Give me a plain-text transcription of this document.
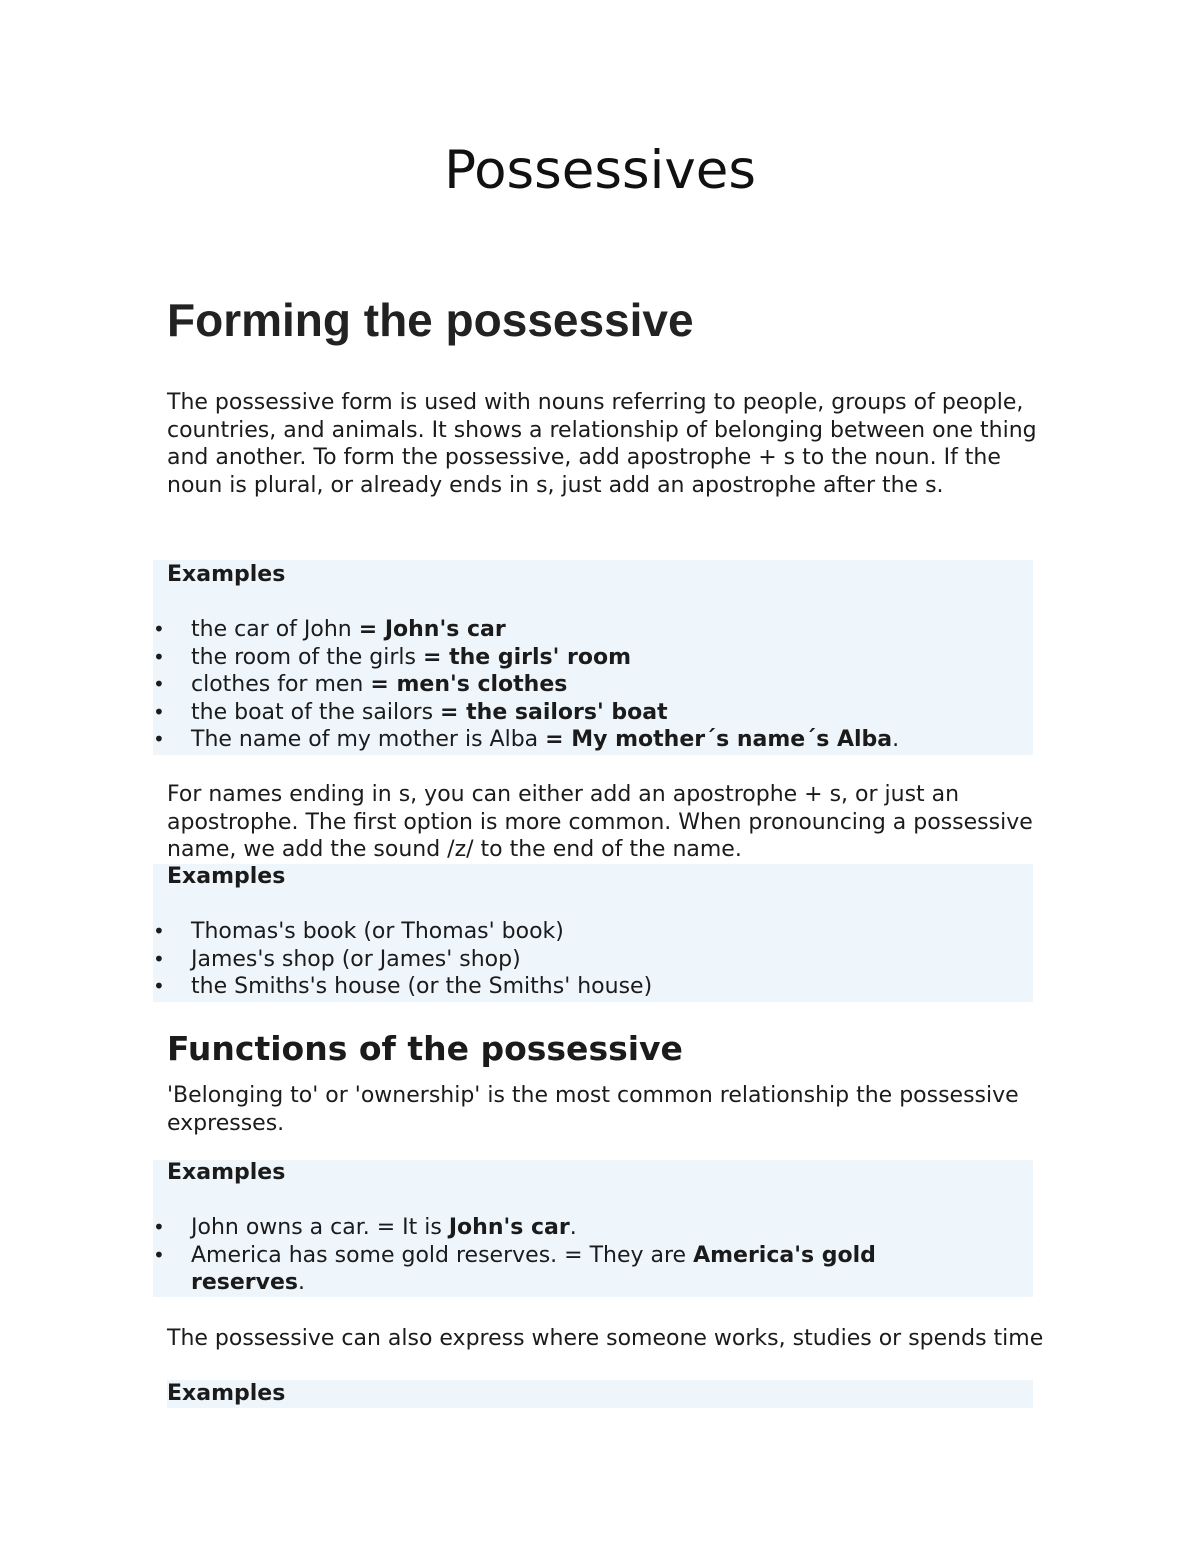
Possessives
Forming the possessive

The possessive form is used with nouns referring to people, groups of people, countries, and animals. It shows a relationship of belonging between one thing and another. To form the possessive, add apostrophe + s to the noun. If the noun is plural, or already ends in s, just add an apostrophe after the s.

Examples

•	the car of John = John's car
•	the room of the girls = the girls' room
•	clothes for men = men's clothes
•	the boat of the sailors = the sailors' boat
•	The name of my mother is Alba = My mother´s name´s Alba.

For names ending in s, you can either add an apostrophe + s, or just an apostrophe. The first option is more common. When pronouncing a possessive name, we add the sound /z/ to the end of the name.

Examples

•	Thomas's book (or Thomas' book)
•	James's shop (or James' shop)
•	the Smiths's house (or the Smiths' house)
Functions of the possessive

'Belonging to' or 'ownership' is the most common relationship the possessive expresses.

Examples

•	John owns a car. = It is John's car.
•	America has some gold reserves. = They are America's gold reserves.

The possessive can also express where someone works, studies or spends time

Examples
